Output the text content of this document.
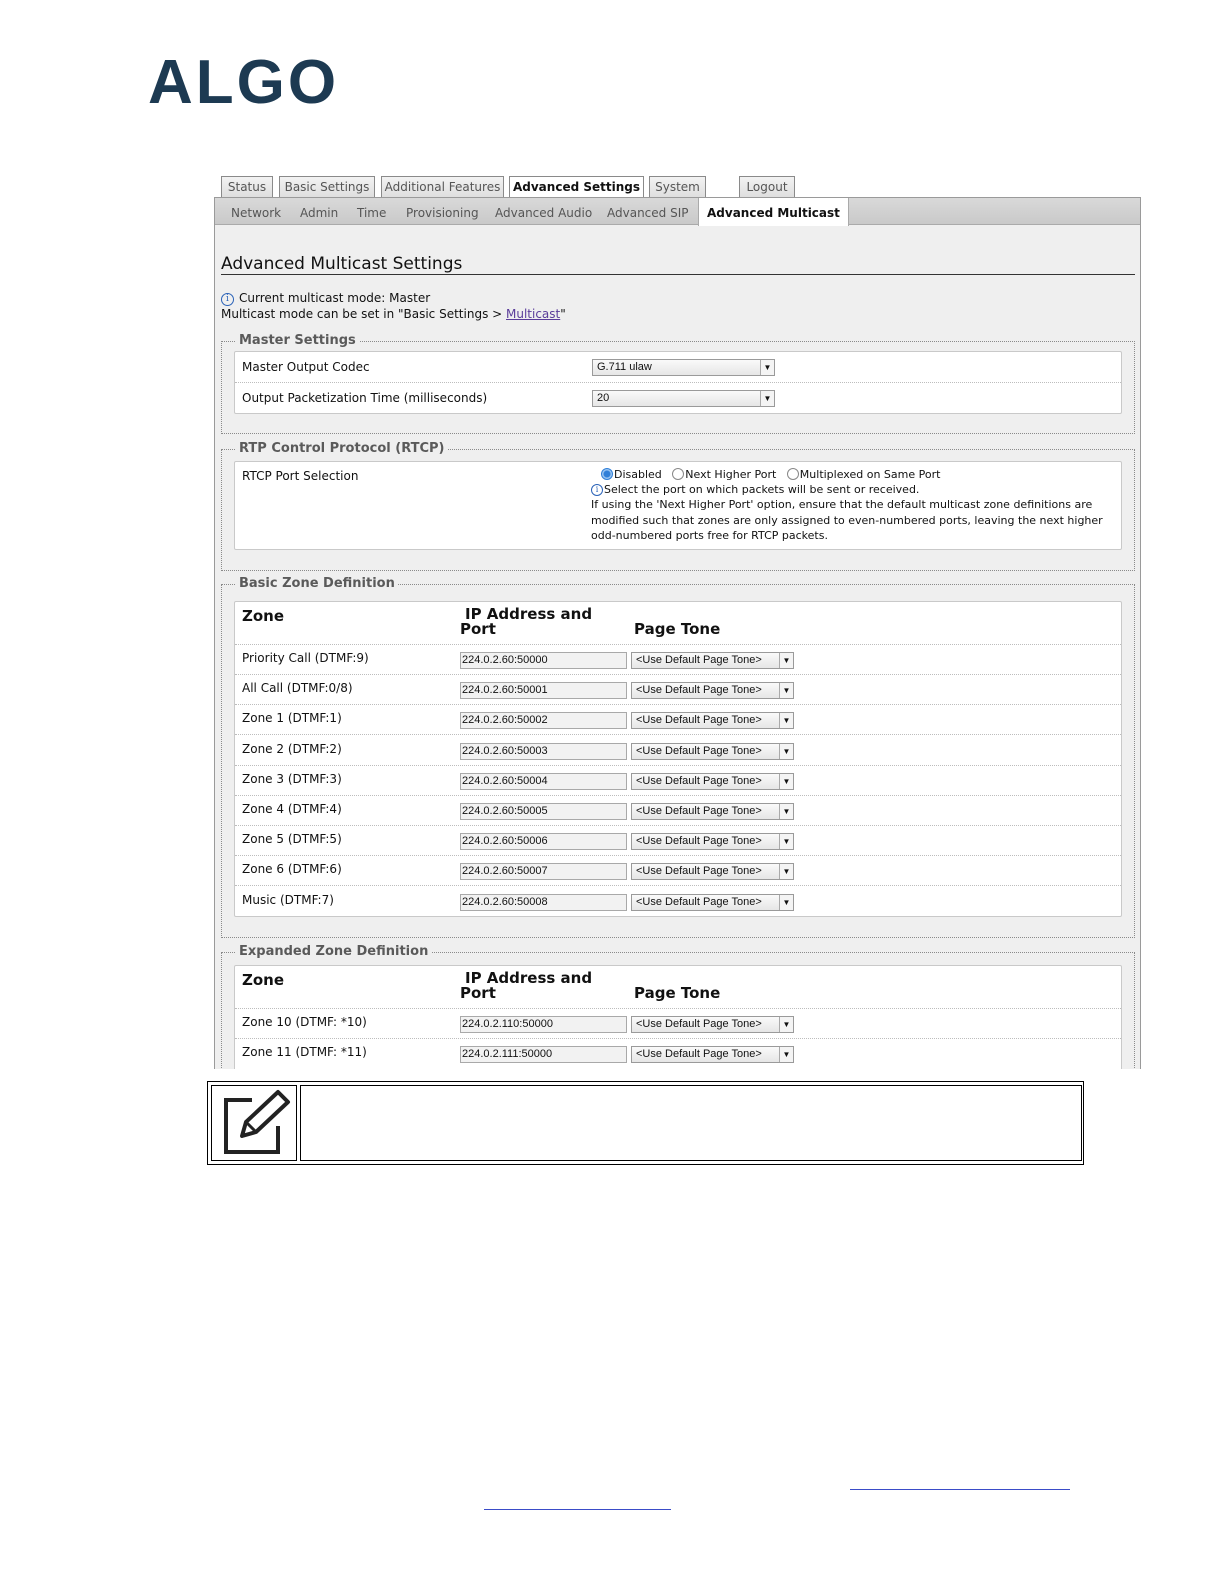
ALGO
Status	Basic Settings	Additional Features	Advanced Settings	System	Logout
Network Admin Time Provisioning Advanced Audio Advanced SIP	Advanced Multicast
Advanced Multicast Settings
i Current multicast mode: Master
Multicast mode can be set in "Basic Settings > Multicast"
Master Settings
Master Output Codec	G.711 ulaw	▼
Output Packetization Time (milliseconds)	20	▼
RTP Control Protocol (RTCP)
RTCP Port Selection	Disabled Next Higher Port Multiplexed on Same Port
i Select the port on which packets will be sent or received.
If using the 'Next Higher Port' option, ensure that the default multicast zone definitions are
modified such that zones are only assigned to even-numbered ports, leaving the next higher
odd-numbered ports free for RTCP packets.
Basic Zone Definition
Zone	IP Address and
Port	Page Tone
Priority Call (DTMF:9)	224.0.2.60:50000	<Use Default Page Tone>	▼
All Call (DTMF:0/8)	224.0.2.60:50001	<Use Default Page Tone>	▼
Zone 1 (DTMF:1)	224.0.2.60:50002	<Use Default Page Tone>	▼
Zone 2 (DTMF:2)	224.0.2.60:50003	<Use Default Page Tone>	▼
Zone 3 (DTMF:3)	224.0.2.60:50004	<Use Default Page Tone>	▼
Zone 4 (DTMF:4)	224.0.2.60:50005	<Use Default Page Tone>	▼
Zone 5 (DTMF:5)	224.0.2.60:50006	<Use Default Page Tone>	▼
Zone 6 (DTMF:6)	224.0.2.60:50007	<Use Default Page Tone>	▼
Music (DTMF:7)	224.0.2.60:50008	<Use Default Page Tone>	▼
Expanded Zone Definition
Zone	IP Address and
Port	Page Tone
Zone 10 (DTMF: *10)	224.0.2.110:50000	<Use Default Page Tone>	▼
Zone 11 (DTMF: *11)	224.0.2.111:50000	<Use Default Page Tone>	▼
